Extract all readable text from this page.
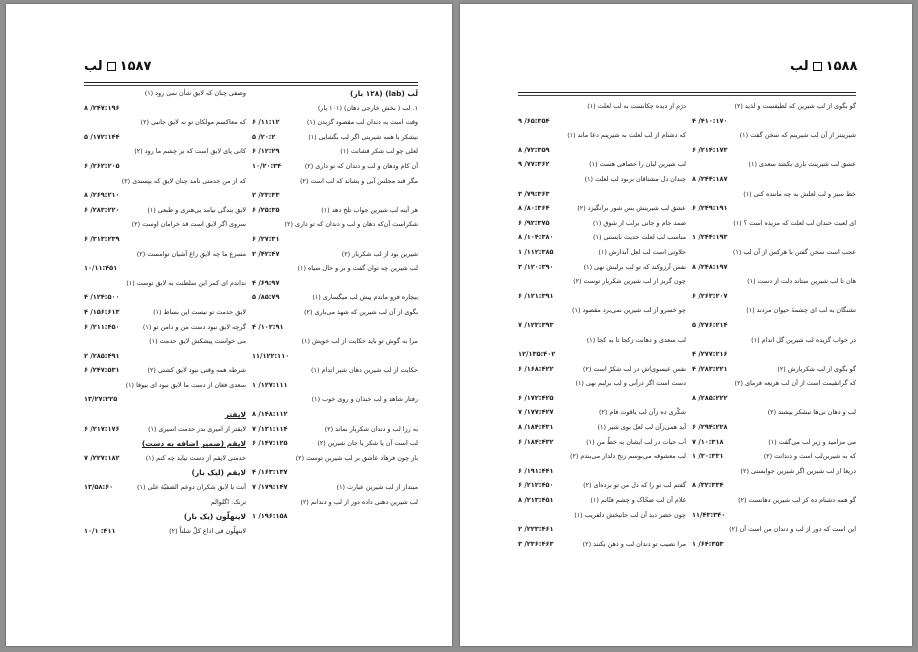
۱۵۸۷لب
لَب (lab) (۱۲۸ بار)
۱. لب ( بخش خارجی دهان) (۱۰۱ بار)
وقت است به دندان لب مقصود گزیدن (۱)
۶ /۱۱:۱۲
نیشکر با همه شیرینی اگر لب بگشایی (۱)
۵ /۲۰:۲
لعلی چو لب شکر فشانت (۱)
۶ /۱۲:۲۹
آن کام ودهان و لب و دندان که تو داری (۲)
۱۰/۲۰:۳۴
مگر قند مجلس آبی و بشاند که لب است (۲)
۲ /۲۳:۳۳
هر آینه لب شیرین جواب تلخ دهد (۱)
۶ /۲۵:۳۵
شکراست آن‌که دهان و لب و دندان که تو داری (۲)
۶ /۲۷:۳۱
شیرین بود از لب شکربار (۲)
۲ /۴۲:۴۷
لب شیرین چه توان گفت و بر و خال سیاه (۱)
۴ /۶۹:۹۷
بیچاره فرو ماندم پیش لب میگساری (۱)
۵ /۸۵:۷۹
بگوی از آن لب شیرین که شهد می‌باری (۲)
۴ /۱۰۲:۹۱
مرا به گوش تو باید حکایت از لب خویش (۱)
۱۱/۱۲۲:۱۱۰
حکایت از لب شیرین دهان شیر اندام (۱)
۱ /۱۲۷:۱۱۱
رفتار شاهد و لب خندان و روی خوب (۱)
۸ /۱۴۸:۱۱۲
به رزا لب و دندان شکربار نماند (۲)
۷ /۱۳۱:۱۱۴
لب است آن یا شکر یا جان شیرین (۲)
۶ /۱۴۷:۱۲۵
باز چون فرهاد عاشق بر لب شیرین توست (۲)
۴ /۱۶۳:۱۳۷
میندار از لب شیرین عبارت (۱)
۷ /۱۷۹:۱۴۷
لب شیرین دهنی داده دور از لب و دندانم (۲)
۱ /۱۹۶:۱۵۸
وصفی چنان که لایق شأن نمی رود (۱)
۸ /۲۴۷:۱۹۶
که معاکسم مولکان تو نه لایق جانبی (۲)
۵ /۱۷۲:۱۴۴
کانی پای لایق است که بر چشم ما رود (۲)
۶ /۲۶۲:۲۰۵
که از من خدمتی نامد چنان لایق که بپسندی (۲)
۸ /۲۶۹:۲۱۰
لایق بندگی نیامد بی‌هنری و طبعی (۱)
۶ /۲۸۳:۲۲۰
سروی اگر لایق است قد خرامان اوست (۲)
۶ /۳۱۳:۲۳۹
مسرع ما چه لایق زاغ آشیان توامست (۲)
۱۰/۱۱:۴۵۱
نداندم ای کمر این سلطنت به لایق توست (۱)
۴ /۱۲۴:۵۰۰
لایق حدمت تو نیست این بساط (۱)
۴ /۱۵۶:۶۱۳
گرچه لایق نبود دست من و دامن تو (۱)
۶ /۲۱۱:۴۵۰
می خواست پیشکش لایق حدمت (۱)
۲ /۲۸۵:۴۹۱
شرطه همه وقتی نبود لایق کشتی (۲)
۶ /۲۴۷:۵۳۱
سعدی فغان از دست ما لایق نبود ای بیوفا (۱)
۱۳/۲۷:۲۲۵
لایقتر
لایقتر از امیری بدر حدمت اسیری (۱)
۶ /۲۱۷:۱۷۶
لایقم (ضمیر اضافه به دست)
خدمتی لایقم از دست نیاید چه کنم (۱)
۷ /۲۲۷:۱۸۲
لایقم (لیک بار)
آنت یا لایق شکران دوعم الضفیّة علی (۱)
۱۳/۵۸:۶۰
ترنک: اگلوالم
لاینهلّون (یک بار)
لاینهلّون فی اداع کلّ شلناً (۲)
۱۰/۱ :۴۱۱
۱۵۸۸لب
گو بگوی از لب شیرین که لطیفست و لذید (۲)
۴ /۴۱۰:۱۷۰
شیرینتر از آن لب شیرینم که سخن گفت (۱)
۶ /۲۱۴:۱۷۳
عشق لب شیرینت باری بکشد سعدی (۱)
۸ /۲۴۴:۱۸۷
خط سبز و لب لعلش به چه ماننده کنی (۱)
۶ /۲۴۹:۱۹۱
ای لعبت خندان لب لعلت که مزیده است ؟ (۱)
۱ /۲۴۴:۱۹۳
عجب است سخن گفتن با هرکس از آن لب (۱)
۸ /۲۴۸:۱۹۷
هان تا لب شیرین ستاند دلت از دست (۱)
۶ /۲۶۳:۲۰۷
تشنگان به لب ای چشمهٔ حیوان مردند (۱)
۵ /۲۷۶:۲۱۴
در خواب گزیده لب شیرین گل اندام (۱)
۴ /۲۷۷:۲۱۶
گو بگوی از لب شکربارش (۲)
۴ /۲۸۳:۲۲۱
که گرانقیمت است از آن لب هریعه فرمای (۲)
۸ /۲۸۵:۲۲۲
لب و دهان نی‌ها نبشکر بپشند (۲)
۶ /۲۹۴:۲۲۸
می مزامید و زیر لب می‌گفت (۱)
۷ /۱۰:۳۱۸
که به شیرین‌لب است و دندانت (۲)
۱ /۳۰:۳۳۱
دریغا از لب شیرین اگر شیرین جوابستی (۲)
۸ /۳۲:۳۳۴
گو همه دشنام ده کز لب شیرین دهانست (۲)
۱۱/۴۳:۳۴۰
این است که دور از لب و دندان من است آن (۲)
۱ /۶۴:۳۵۳
دژم از دیده چکانست به لب لعلت (۱)
۹ /۶۵:۳۵۴
که دشنام از لب لعلت به شیرینم دعا ماند (۱)
۸ /۷۲:۳۵۹
لب شیرین لبان را حصافی هست (۱)
۹ /۷۷:۳۶۲
چندان دل مشتاقان بربود لب لعلت (۱)
۳ /۷۹:۳۶۳
عشق لب شیرینش بس شور برانگیزد (۲)
۸ /۸۰:۳۶۴
ضمد جام و جانی برلب از شوق (۱)
۶ /۹۲:۳۷۵
مناسب لب لعلت حدیث نابستی (۱)
۸ /۱۰۴:۳۸۰
حلاوتی است لب لعل آبدارش (۱)
۱ /۱۱۲:۳۸۵
نفس آرزوکند که تو لب برلبش نهی (۱)
۳ /۱۲۰:۳۹۰
چون گریز از لب شیرین شکربار توست (۲)
۶ /۱۲۱:۳۹۱
چو خسرو از لب شیرین نمی‌برد مقصود (۱)
۷ /۱۲۳:۳۹۳
لب سعدی و دهانت زکجا تا به کجا (۱)
۱۲/۱۳۵:۴۰۲
نفس عیسوی‌اش در لب شکرّ است (۲)
۶ /۱۶۸:۴۲۲
دست است اگر درآبی و لب برلبم نهی (۱)
۶ /۱۷۲:۴۲۵
شکّری ده زآن لب یاقوت فام (۲)
۷ /۱۷۷:۴۲۷
آید همی‌زآن لب لعل بوی شیر (۱)
۸ /۱۸۴:۴۳۱
آب حیات در لب ایشان به خطّ من (۱)
۶ /۱۸۴:۴۳۲
لب معشوقه می‌بوسم زنخ دلدار می‌بندم (۲)
۶ /۱۹۱:۴۴۱
گفتم لب تو را که دل من تو برده‌ای (۲)
۶ /۲۱۲:۴۵۰
غلام آن لب ضحّاک و چشم فتّانم (۱)
۸ /۲۱۳:۴۵۱
چون خضر دید آن لب جانبخش دلفریب (۱)
۲ /۲۲۳:۴۶۱
مرا نصیب تو دندان لب و دهن بکنند (۲)
۳ /۲۳۶:۴۶۳
